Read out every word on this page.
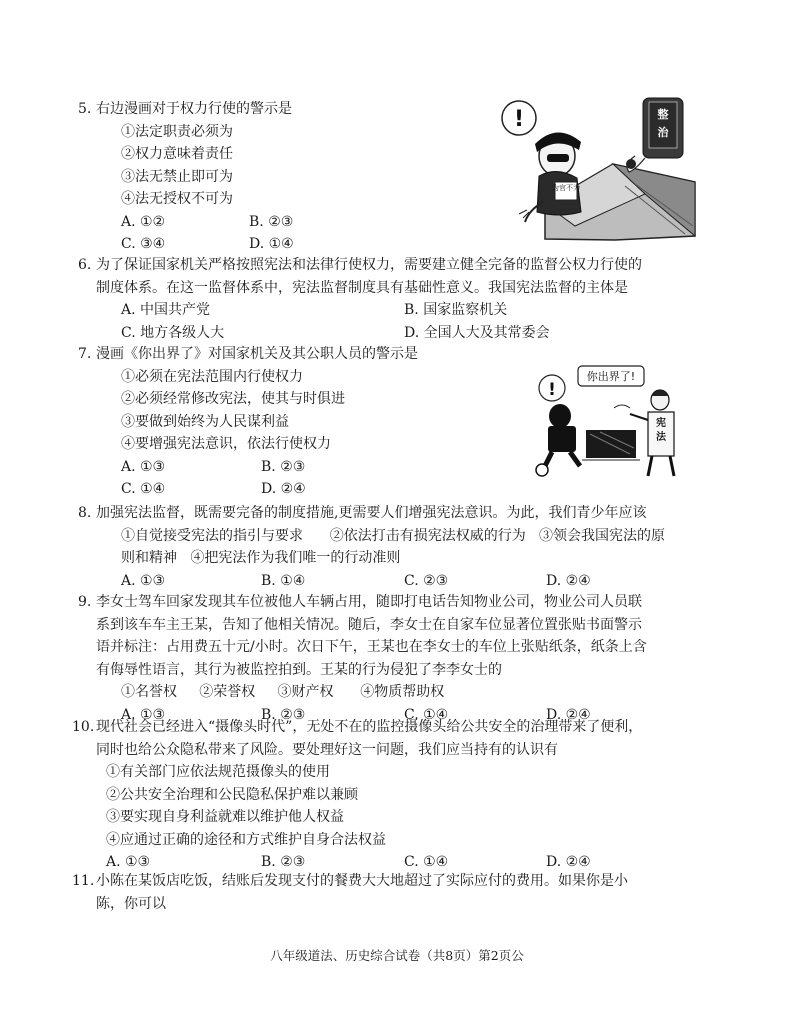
5. 右边漫画对于权力行使的警示是
①法定职责必须为
②权力意味着责任
③法无禁止即可为
④法无授权不可为
A. ①②	B. ②③
C. ③④	D. ①④
为官不为
!	整
治
6. 为了保证国家机关严格按照宪法和法律行使权力，需要建立健全完备的监督公权力行使的
制度体系。在这一监督体系中，宪法监督制度具有基础性意义。我国宪法监督的主体是
A. 中国共产党	B. 国家监察机关
C. 地方各级人大	D. 全国人大及其常委会
7. 漫画《你出界了》对国家机关及其公职人员的警示是
①必须在宪法范围内行使权力
②必须经常修改宪法，使其与时俱进
③要做到始终为人民谋利益
④要增强宪法意识，依法行使权力
A. ①③	B. ②③
C. ①④	D. ②④
你出界了!
!
宪
法
8. 加强宪法监督，既需要完备的制度措施,更需要人们增强宪法意识。为此，我们青少年应该
①自觉接受宪法的指引与要求      ②依法打击有损宪法权威的行为   ③领会我国宪法的原
则和精神   ④把宪法作为我们唯一的行动准则
A. ①③	B. ①④	C. ②③	D. ②④
9. 李女士驾车回家发现其车位被他人车辆占用，随即打电话告知物业公司，物业公司人员联
系到该车车主王某，告知了他相关情况。随后，李女士在自家车位显著位置张贴书面警示
语并标注：占用费五十元/小时。次日下午，王某也在李女士的车位上张贴纸条，纸条上含
有侮辱性语言，其行为被监控拍到。王某的行为侵犯了李李女士的
①名誉权     ②荣誉权     ③财产权      ④物质帮助权
A. ①③	B. ②③	C. ①④	D. ②④
10. 现代社会已经进入“摄像头时代”，无处不在的监控摄像头给公共安全的治理带来了便利，
同时也给公众隐私带来了风险。要处理好这一问题，我们应当持有的认识有
①有关部门应依法规范摄像头的使用
②公共安全治理和公民隐私保护难以兼顾
③要实现自身利益就难以维护他人权益
④应通过正确的途径和方式维护自身合法权益
A. ①③	B. ②③	C. ①④	D. ②④
11. 小陈在某饭店吃饭，结账后发现支付的餐费大大地超过了实际应付的费用。如果你是小
陈，你可以
八年级道法、历史综合试卷（共8页）第2页公
